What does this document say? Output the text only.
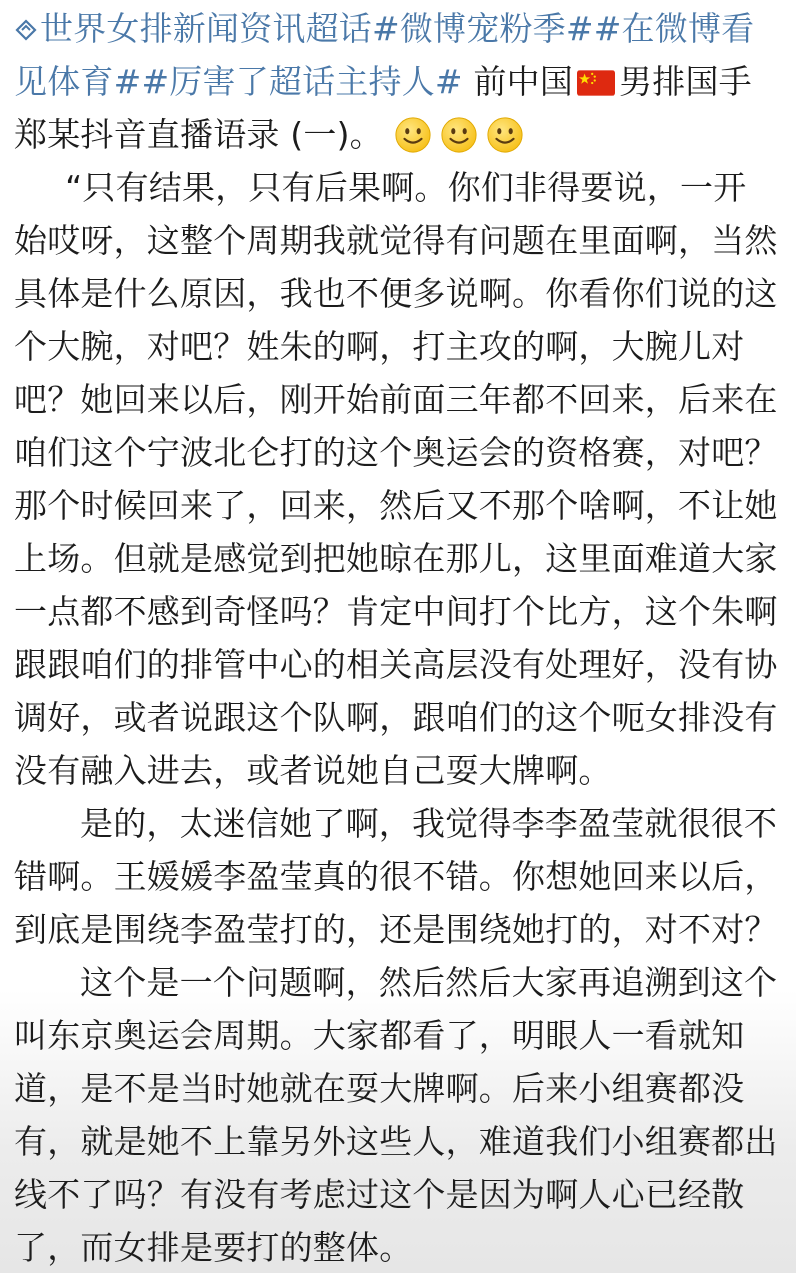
世界女排新闻资讯超话#微博宠粉季##在微博看见体育##厉害了超话主持人# 前中国 男排国手郑某抖音直播语录 (一)。

“只有结果，只有后果啊。你们非得要说，一开始哎呀，这整个周期我就觉得有问题在里面啊，当然具体是什么原因，我也不便多说啊。你看你们说的这个大腕，对吧？姓朱的啊，打主攻的啊，大腕儿对吧？她回来以后，刚开始前面三年都不回来，后来在咱们这个宁波北仑打的这个奥运会的资格赛，对吧？那个时候回来了，回来，然后又不那个啥啊，不让她上场。但就是感觉到把她晾在那儿，这里面难道大家一点都不感到奇怪吗？肯定中间打个比方，这个朱啊跟跟咱们的排管中心的相关高层没有处理好，没有协调好，或者说跟这个队啊，跟咱们的这个呃女排没有没有融入进去，或者说她自己耍大牌啊。

是的，太迷信她了啊，我觉得李李盈莹就很很不错啊。王媛媛李盈莹真的很不错。你想她回来以后，到底是围绕李盈莹打的，还是围绕她打的，对不对？

这个是一个问题啊，然后然后大家再追溯到这个叫东京奥运会周期。大家都看了，明眼人一看就知道，是不是当时她就在耍大牌啊。后来小组赛都没有，就是她不上靠另外这些人，难道我们小组赛都出线不了吗？有没有考虑过这个是因为啊人心已经散了，而女排是要打的整体。
